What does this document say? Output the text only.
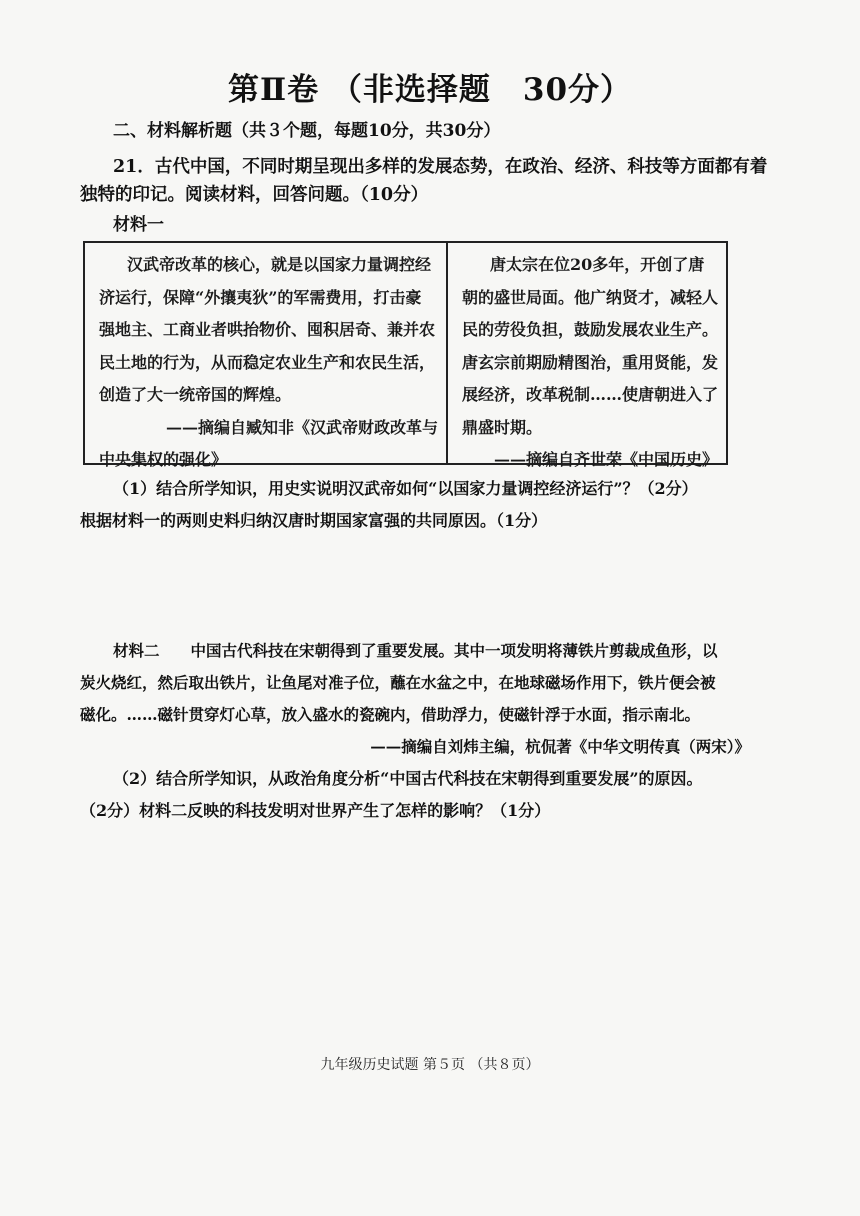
第Ⅱ卷 （非选择题　30分）
二、材料解析题（共３个题，每题10分，共30分）
21．古代中国，不同时期呈现出多样的发展态势，在政治、经济、科技等方面都有着
独特的印记。阅读材料，回答问题。（10分）
材料一
汉武帝改革的核心，就是以国家力量调控经
济运行，保障“外攘夷狄”的军需费用，打击豪
强地主、工商业者哄抬物价、囤积居奇、兼并农
民土地的行为，从而稳定农业生产和农民生活，
创造了大一统帝国的辉煌。
——摘编自臧知非《汉武帝财政改革与
中央集权的强化》
唐太宗在位20多年，开创了唐
朝的盛世局面。他广纳贤才，减轻人
民的劳役负担，鼓励发展农业生产。
唐玄宗前期励精图治，重用贤能，发
展经济，改革税制……使唐朝进入了
鼎盛时期。
——摘编自齐世荣《中国历史》
（1）结合所学知识，用史实说明汉武帝如何“以国家力量调控经济运行”？（2分）
根据材料一的两则史料归纳汉唐时期国家富强的共同原因。（1分）
材料二　　中国古代科技在宋朝得到了重要发展。其中一项发明将薄铁片剪裁成鱼形，以
炭火烧红，然后取出铁片，让鱼尾对准子位，蘸在水盆之中，在地球磁场作用下，铁片便会被
磁化。……磁针贯穿灯心草，放入盛水的瓷碗内，借助浮力，使磁针浮于水面，指示南北。
——摘编自刘炜主编，杭侃著《中华文明传真（两宋）》
（2）结合所学知识，从政治角度分析“中国古代科技在宋朝得到重要发展”的原因。
（2分）材料二反映的科技发明对世界产生了怎样的影响？（1分）
九年级历史试题 第５页 （共８页）
